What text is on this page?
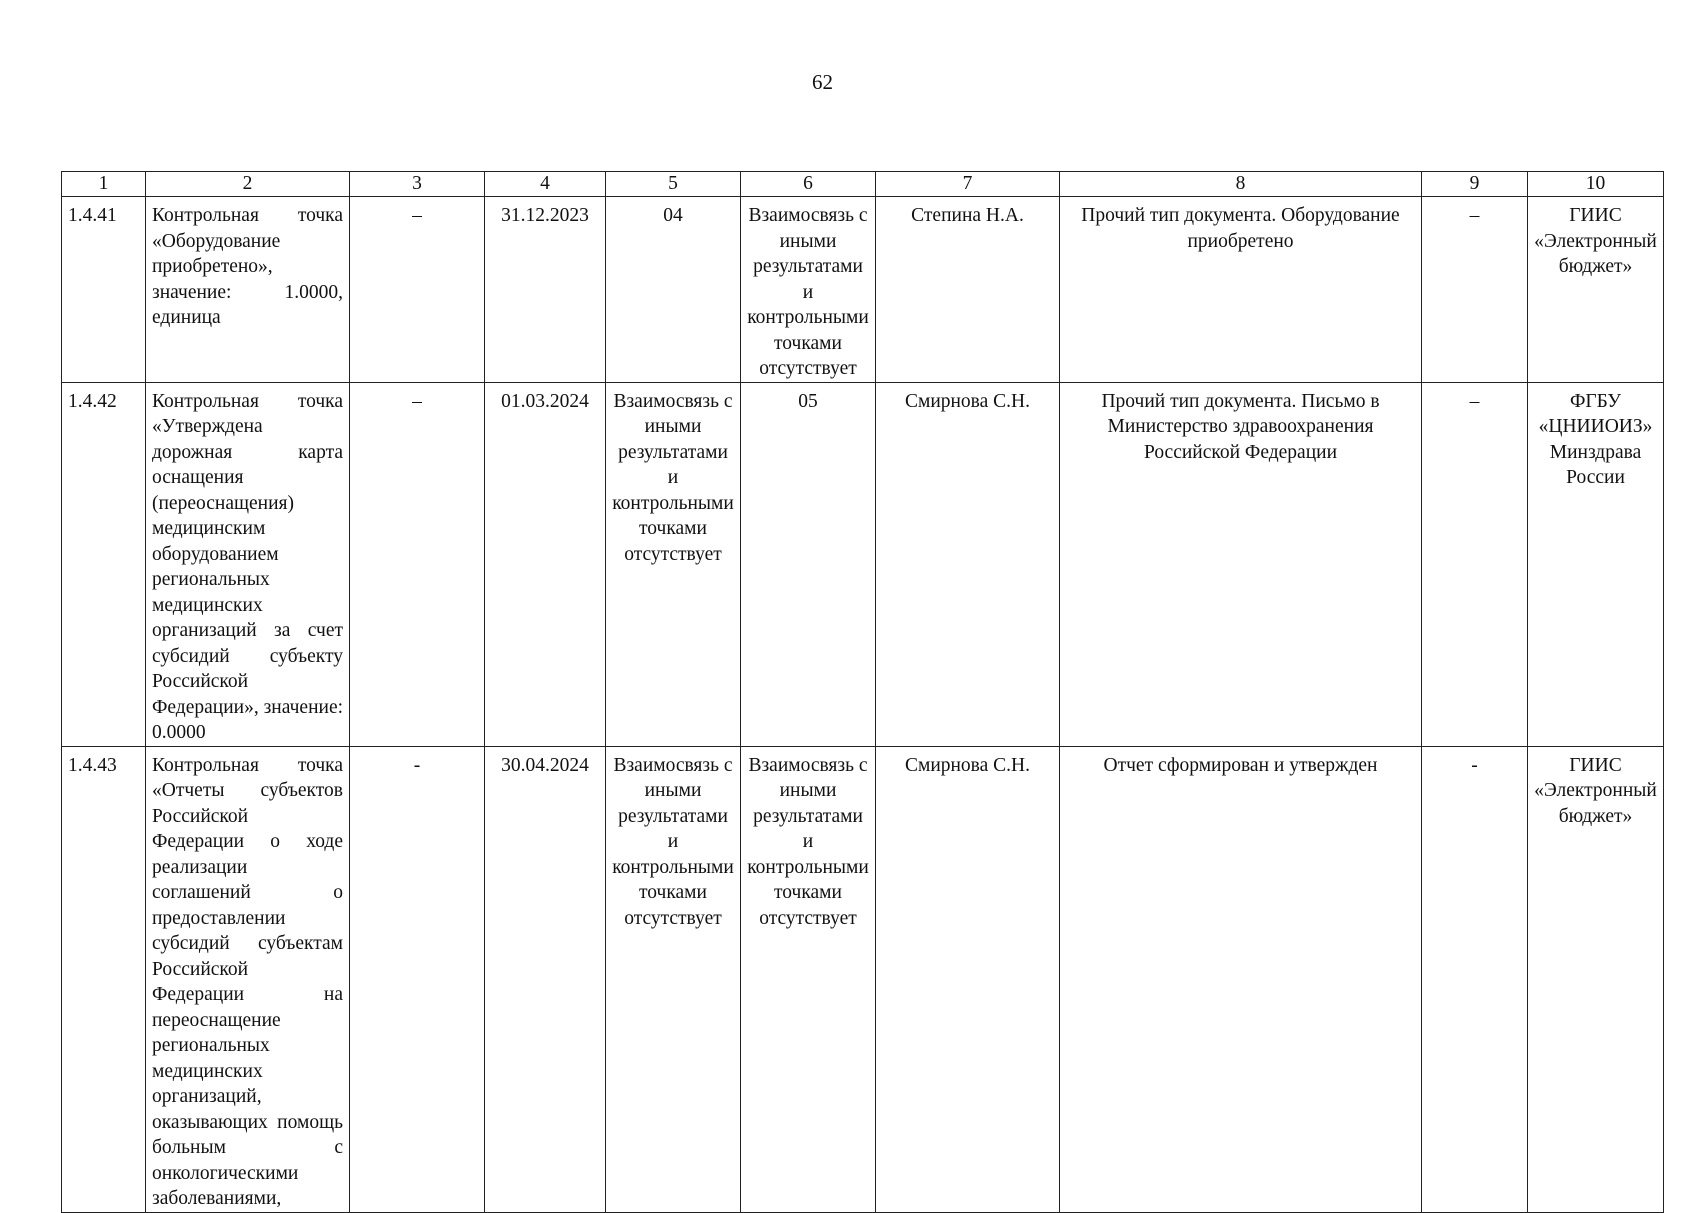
62
1	2	3	4	5	6	7	8	9	10
1.4.41	Контрольная точка «Оборудование приобретено», значение: 1.0000, единица	–	31.12.2023	04	Взаимосвязь с иными результатами и контрольными точками отсутствует	Степина Н.А.	Прочий тип документа. Оборудование приобретено	–	ГИИС «Электронный бюджет»
1.4.42	Контрольная точка «Утверждена дорожная карта оснащения (переоснащения) медицинским оборудованием региональных медицинских организаций за счет субсидий субъекту Российской Федерации», значение: 0.0000	–	01.03.2024	Взаимосвязь с иными результатами и контрольными точками отсутствует	05	Смирнова С.Н.	Прочий тип документа. Письмо в Министерство здравоохранения Российской Федерации	–	ФГБУ «ЦНИИОИЗ» Минздрава России
1.4.43	Контрольная точка «Отчеты субъектов Российской Федерации о ходе реализации соглашений о предоставлении субсидий субъектам Российской Федерации на переоснащение региональных медицинских организаций, оказывающих помощь больным с онкологическими заболеваниями,	-	30.04.2024	Взаимосвязь с иными результатами и контрольными точками отсутствует	Взаимосвязь с иными результатами и контрольными точками отсутствует	Смирнова С.Н.	Отчет сформирован и утвержден	-	ГИИС «Электронный бюджет»
